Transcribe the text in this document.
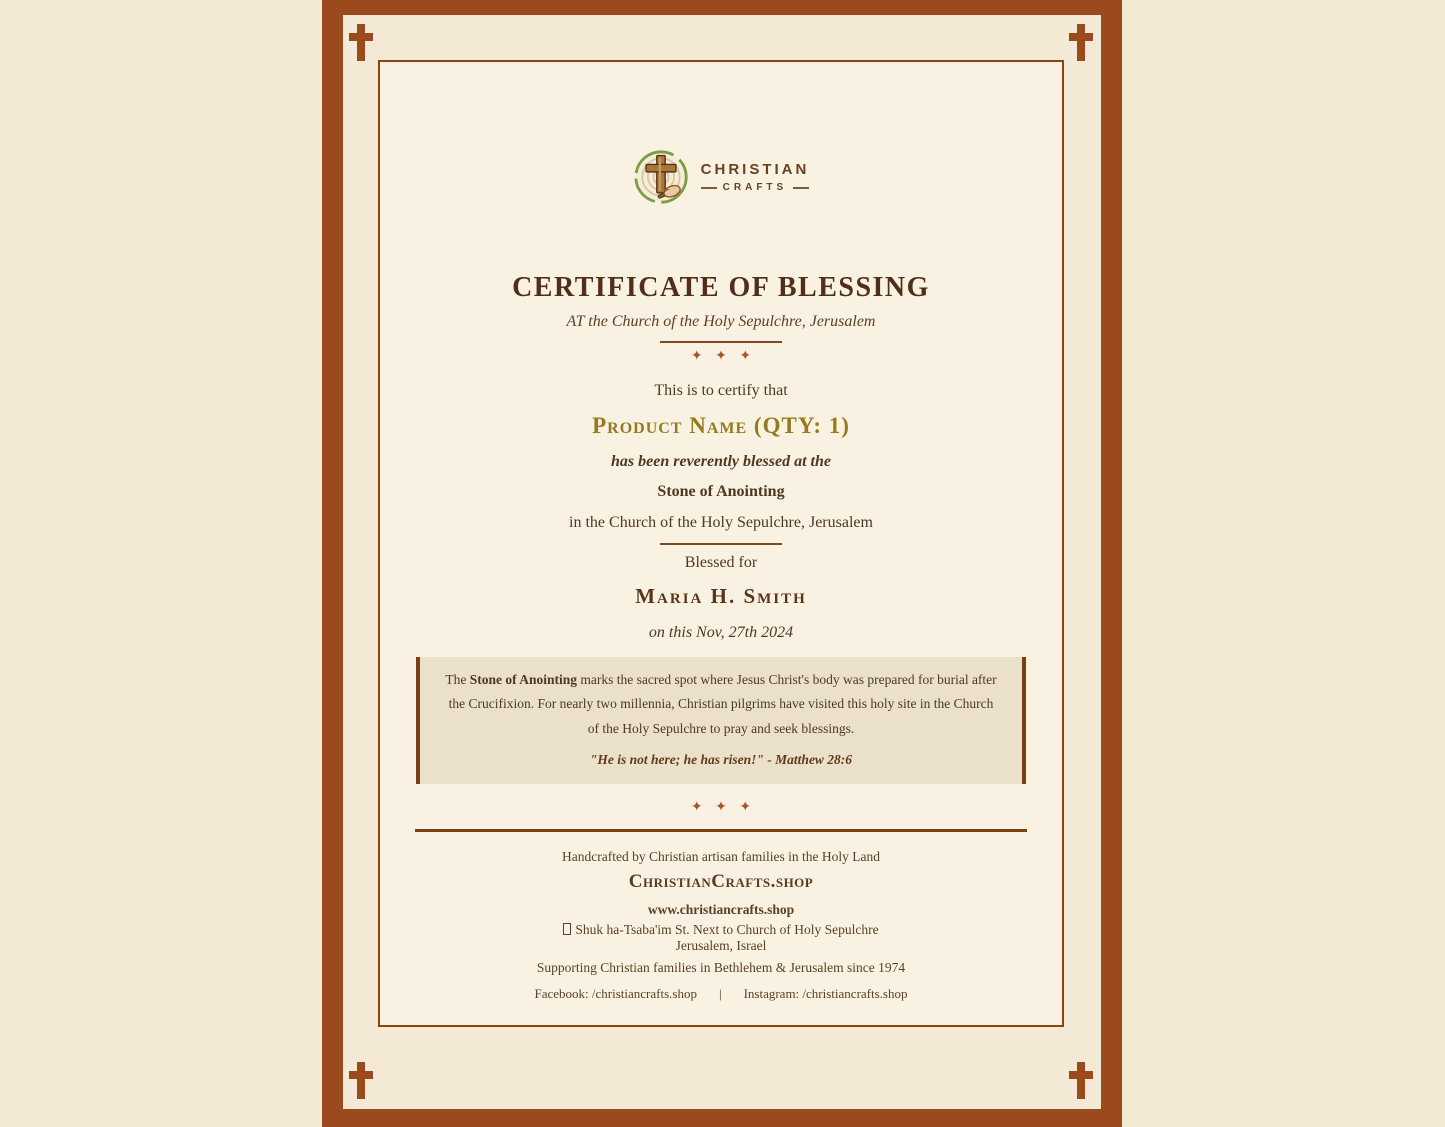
CHRISTIAN
CRAFTS
CERTIFICATE OF BLESSING
AT the Church of the Holy Sepulchre, Jerusalem
✦ ✦ ✦
This is to certify that
Product Name (QTY: 1)
has been reverently blessed at the
Stone of Anointing
in the Church of the Holy Sepulchre, Jerusalem
Blessed for
Maria H. Smith
on this Nov, 27th 2024
The Stone of Anointing marks the sacred spot where Jesus Christ's body was prepared for burial after the Crucifixion. For nearly two millennia, Christian pilgrims have visited this holy site in the Church of the Holy Sepulchre to pray and seek blessings.
"He is not here; he has risen!" - Matthew 28:6
✦ ✦ ✦
Handcrafted by Christian artisan families in the Holy Land
ChristianCrafts.shop
www.christiancrafts.shop
Shuk ha-Tsaba'im St. Next to Church of Holy Sepulchre
Jerusalem, Israel
Supporting Christian families in Bethlehem & Jerusalem since 1974
Facebook: /christiancrafts.shop | Instagram: /christiancrafts.shop
